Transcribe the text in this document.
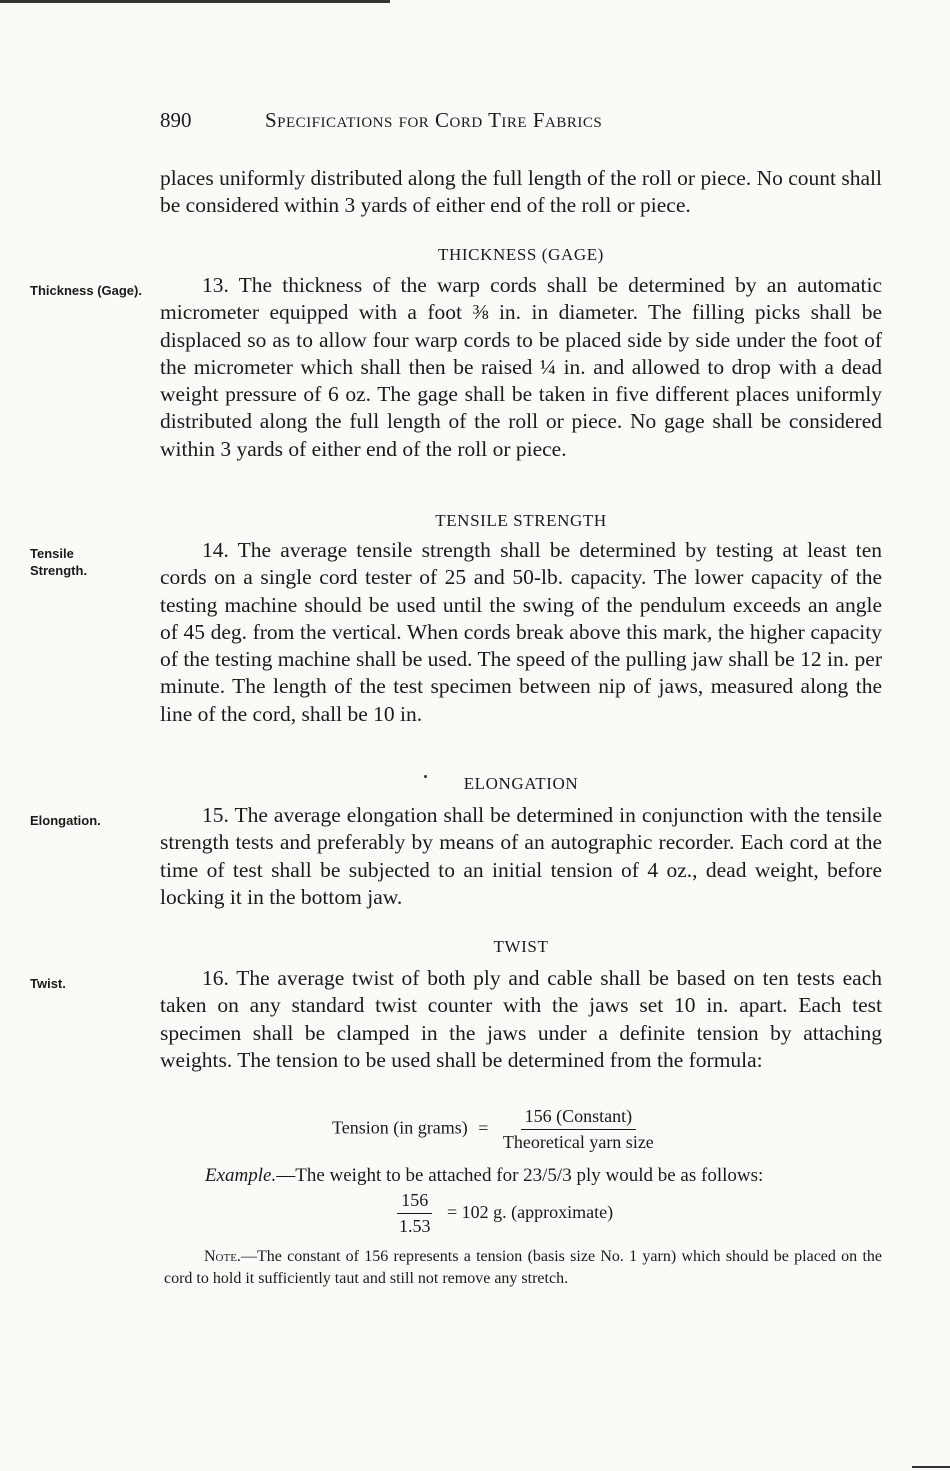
890	Specifications for Cord Tire Fabrics

places uniformly distributed along the full length of the roll or piece. No count shall be considered within 3 yards of either end of the roll or piece.

THICKNESS (GAGE)
Thickness (Gage).	13. The thickness of the warp cords shall be determined by an automatic micrometer equipped with a foot ⅜ in. in diameter. The filling picks shall be displaced so as to allow four warp cords to be placed side by side under the foot of the micrometer which shall then be raised ¼ in. and allowed to drop with a dead weight pressure of 6 oz. The gage shall be taken in five different places uniformly distributed along the full length of the roll or piece. No gage shall be considered within 3 yards of either end of the roll or piece.

TENSILE STRENGTH
Tensile Strength.

14. The average tensile strength shall be determined by testing at least ten cords on a single cord tester of 25 and 50-lb. capacity. The lower capacity of the testing machine should be used until the swing of the pendulum exceeds an angle of 45 deg. from the vertical. When cords break above this mark, the higher capacity of the testing machine shall be used. The speed of the pulling jaw shall be 12 in. per minute. The length of the test specimen between nip of jaws, measured along the line of the cord, shall be 10 in.

ELONGATION
Elongation.	15. The average elongation shall be determined in conjunction with the tensile strength tests and preferably by means of an autographic recorder. Each cord at the time of test shall be subjected to an initial tension of 4 oz., dead weight, before locking it in the bottom jaw.

TWIST
Twist.	16. The average twist of both ply and cable shall be based on ten tests each taken on any standard twist counter with the jaws set 10 in. apart. Each test specimen shall be clamped in the jaws under a definite tension by attaching weights. The tension to be used shall be determined from the formula:

Tension (in grams) = $\frac{\text{156 (Constant)}}{\text{Theoretical yarn size}}$
Example.—The weight to be attached for 23/5/3 ply would be as follows:
$\frac{156}{1.53} = 102$ g. (approximate)
Note.—The constant of 156 represents a tension (basis size No. 1 yarn) which should be placed on the cord to hold it sufficiently taut and still not remove any stretch.
